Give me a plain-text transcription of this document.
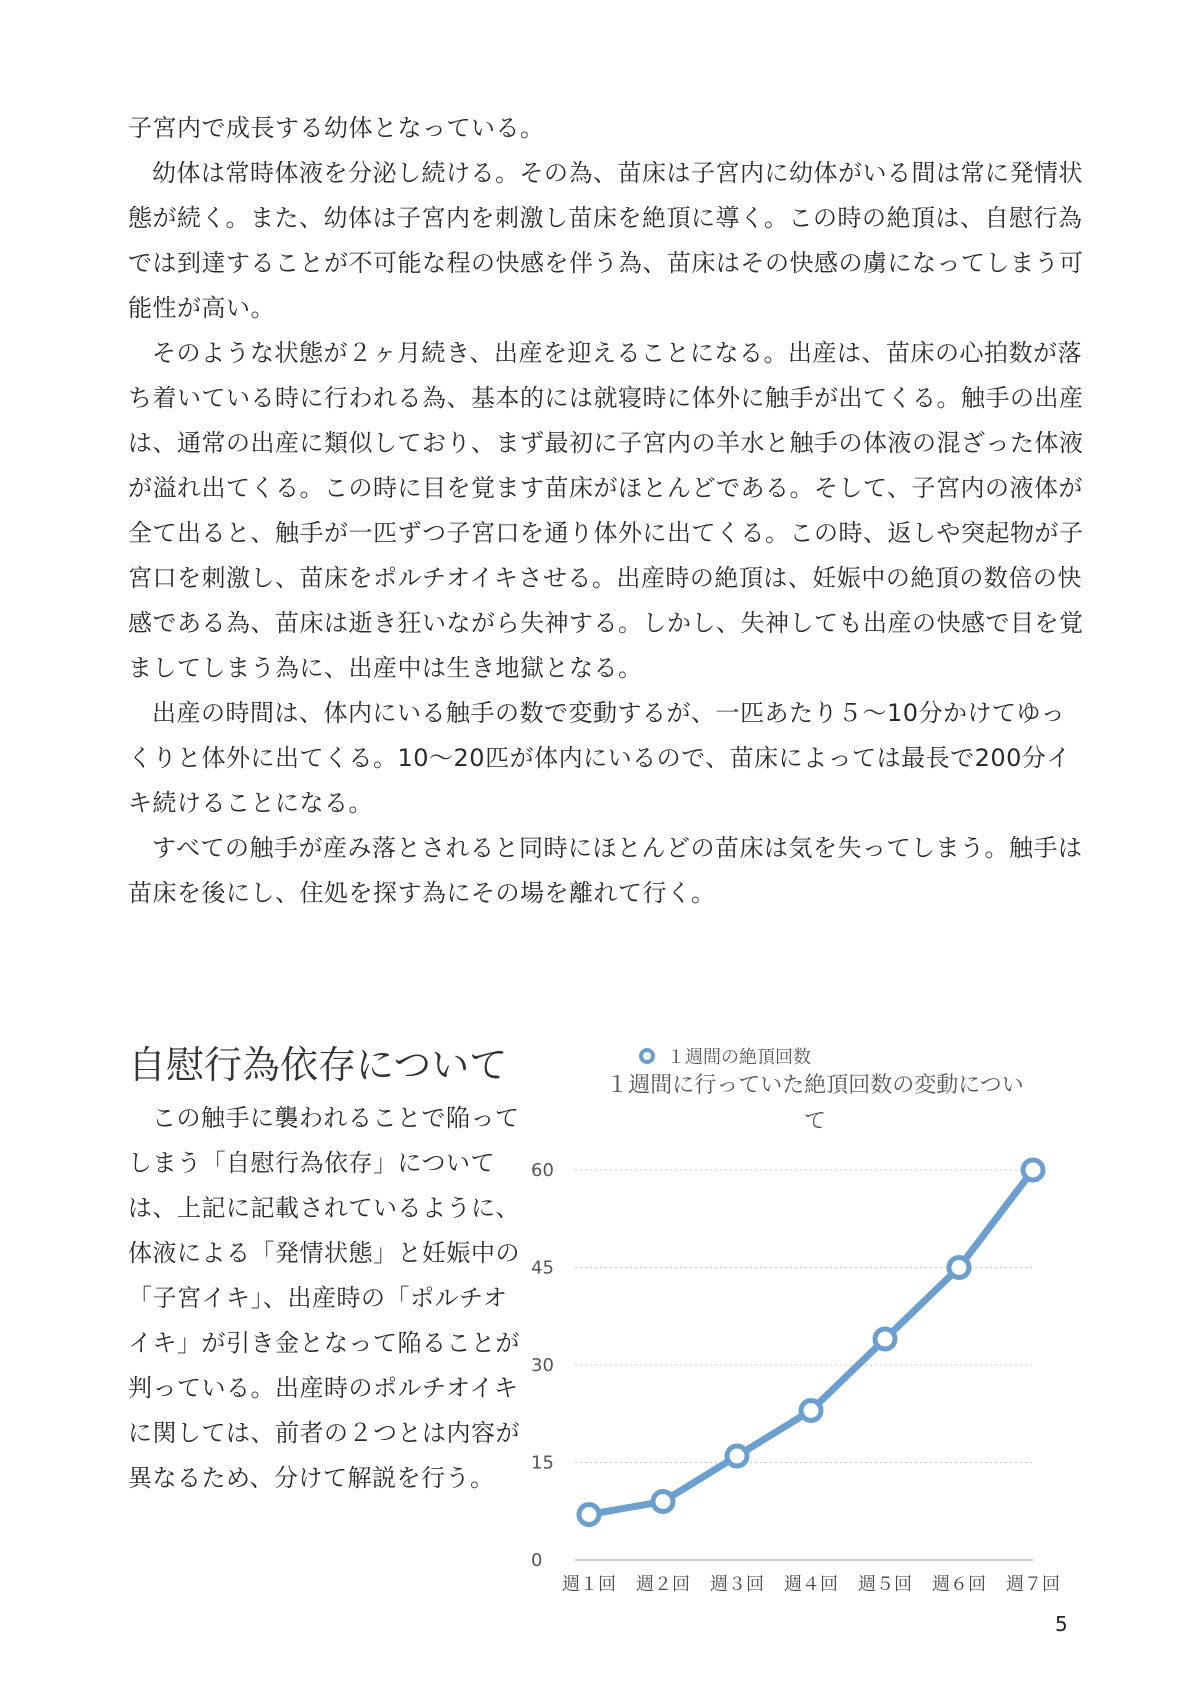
子宮内で成長する幼体となっている。

幼体は常時体液を分泌し続ける。その為、苗床は子宮内に幼体がいる間は常に発情状態が続く。また、幼体は子宮内を刺激し苗床を絶頂に導く。この時の絶頂は、自慰行為では到達することが不可能な程の快感を伴う為、苗床はその快感の虜になってしまう可能性が高い。

そのような状態が２ヶ月続き、出産を迎えることになる。出産は、苗床の心拍数が落ち着いている時に行われる為、基本的には就寝時に体外に触手が出てくる。触手の出産は、通常の出産に類似しており、まず最初に子宮内の羊水と触手の体液の混ざった体液が溢れ出てくる。この時に目を覚ます苗床がほとんどである。そして、子宮内の液体が全て出ると、触手が一匹ずつ子宮口を通り体外に出てくる。この時、返しや突起物が子宮口を刺激し、苗床をポルチオイキさせる。出産時の絶頂は、妊娠中の絶頂の数倍の快感である為、苗床は逝き狂いながら失神する。しかし、失神しても出産の快感で目を覚ましてしまう為に、出産中は生き地獄となる。

出産の時間は、体内にいる触手の数で変動するが、一匹あたり５〜10分かけてゆっくりと体外に出てくる。10〜20匹が体内にいるので、苗床によっては最長で200分イキ続けることになる。

すべての触手が産み落とされると同時にほとんどの苗床は気を失ってしまう。触手は苗床を後にし、住処を探す為にその場を離れて行く。

自慰行為依存について

この触手に襲われることで陥ってしまう「自慰行為依存」については、上記に記載されているように、体液による「発情状態」と妊娠中の「子宮イキ」、出産時の「ポルチオイキ」が引き金となって陥ることが判っている。出産時のポルチオイキに関しては、前者の２つとは内容が異なるため、分けて解説を行う。

１週間の絶頂回数
１週間に行っていた絶頂回数の変動につい
て
0
15
30
45
60
週１回 週２回 週３回 週４回 週５回 週６回 週７回
5
